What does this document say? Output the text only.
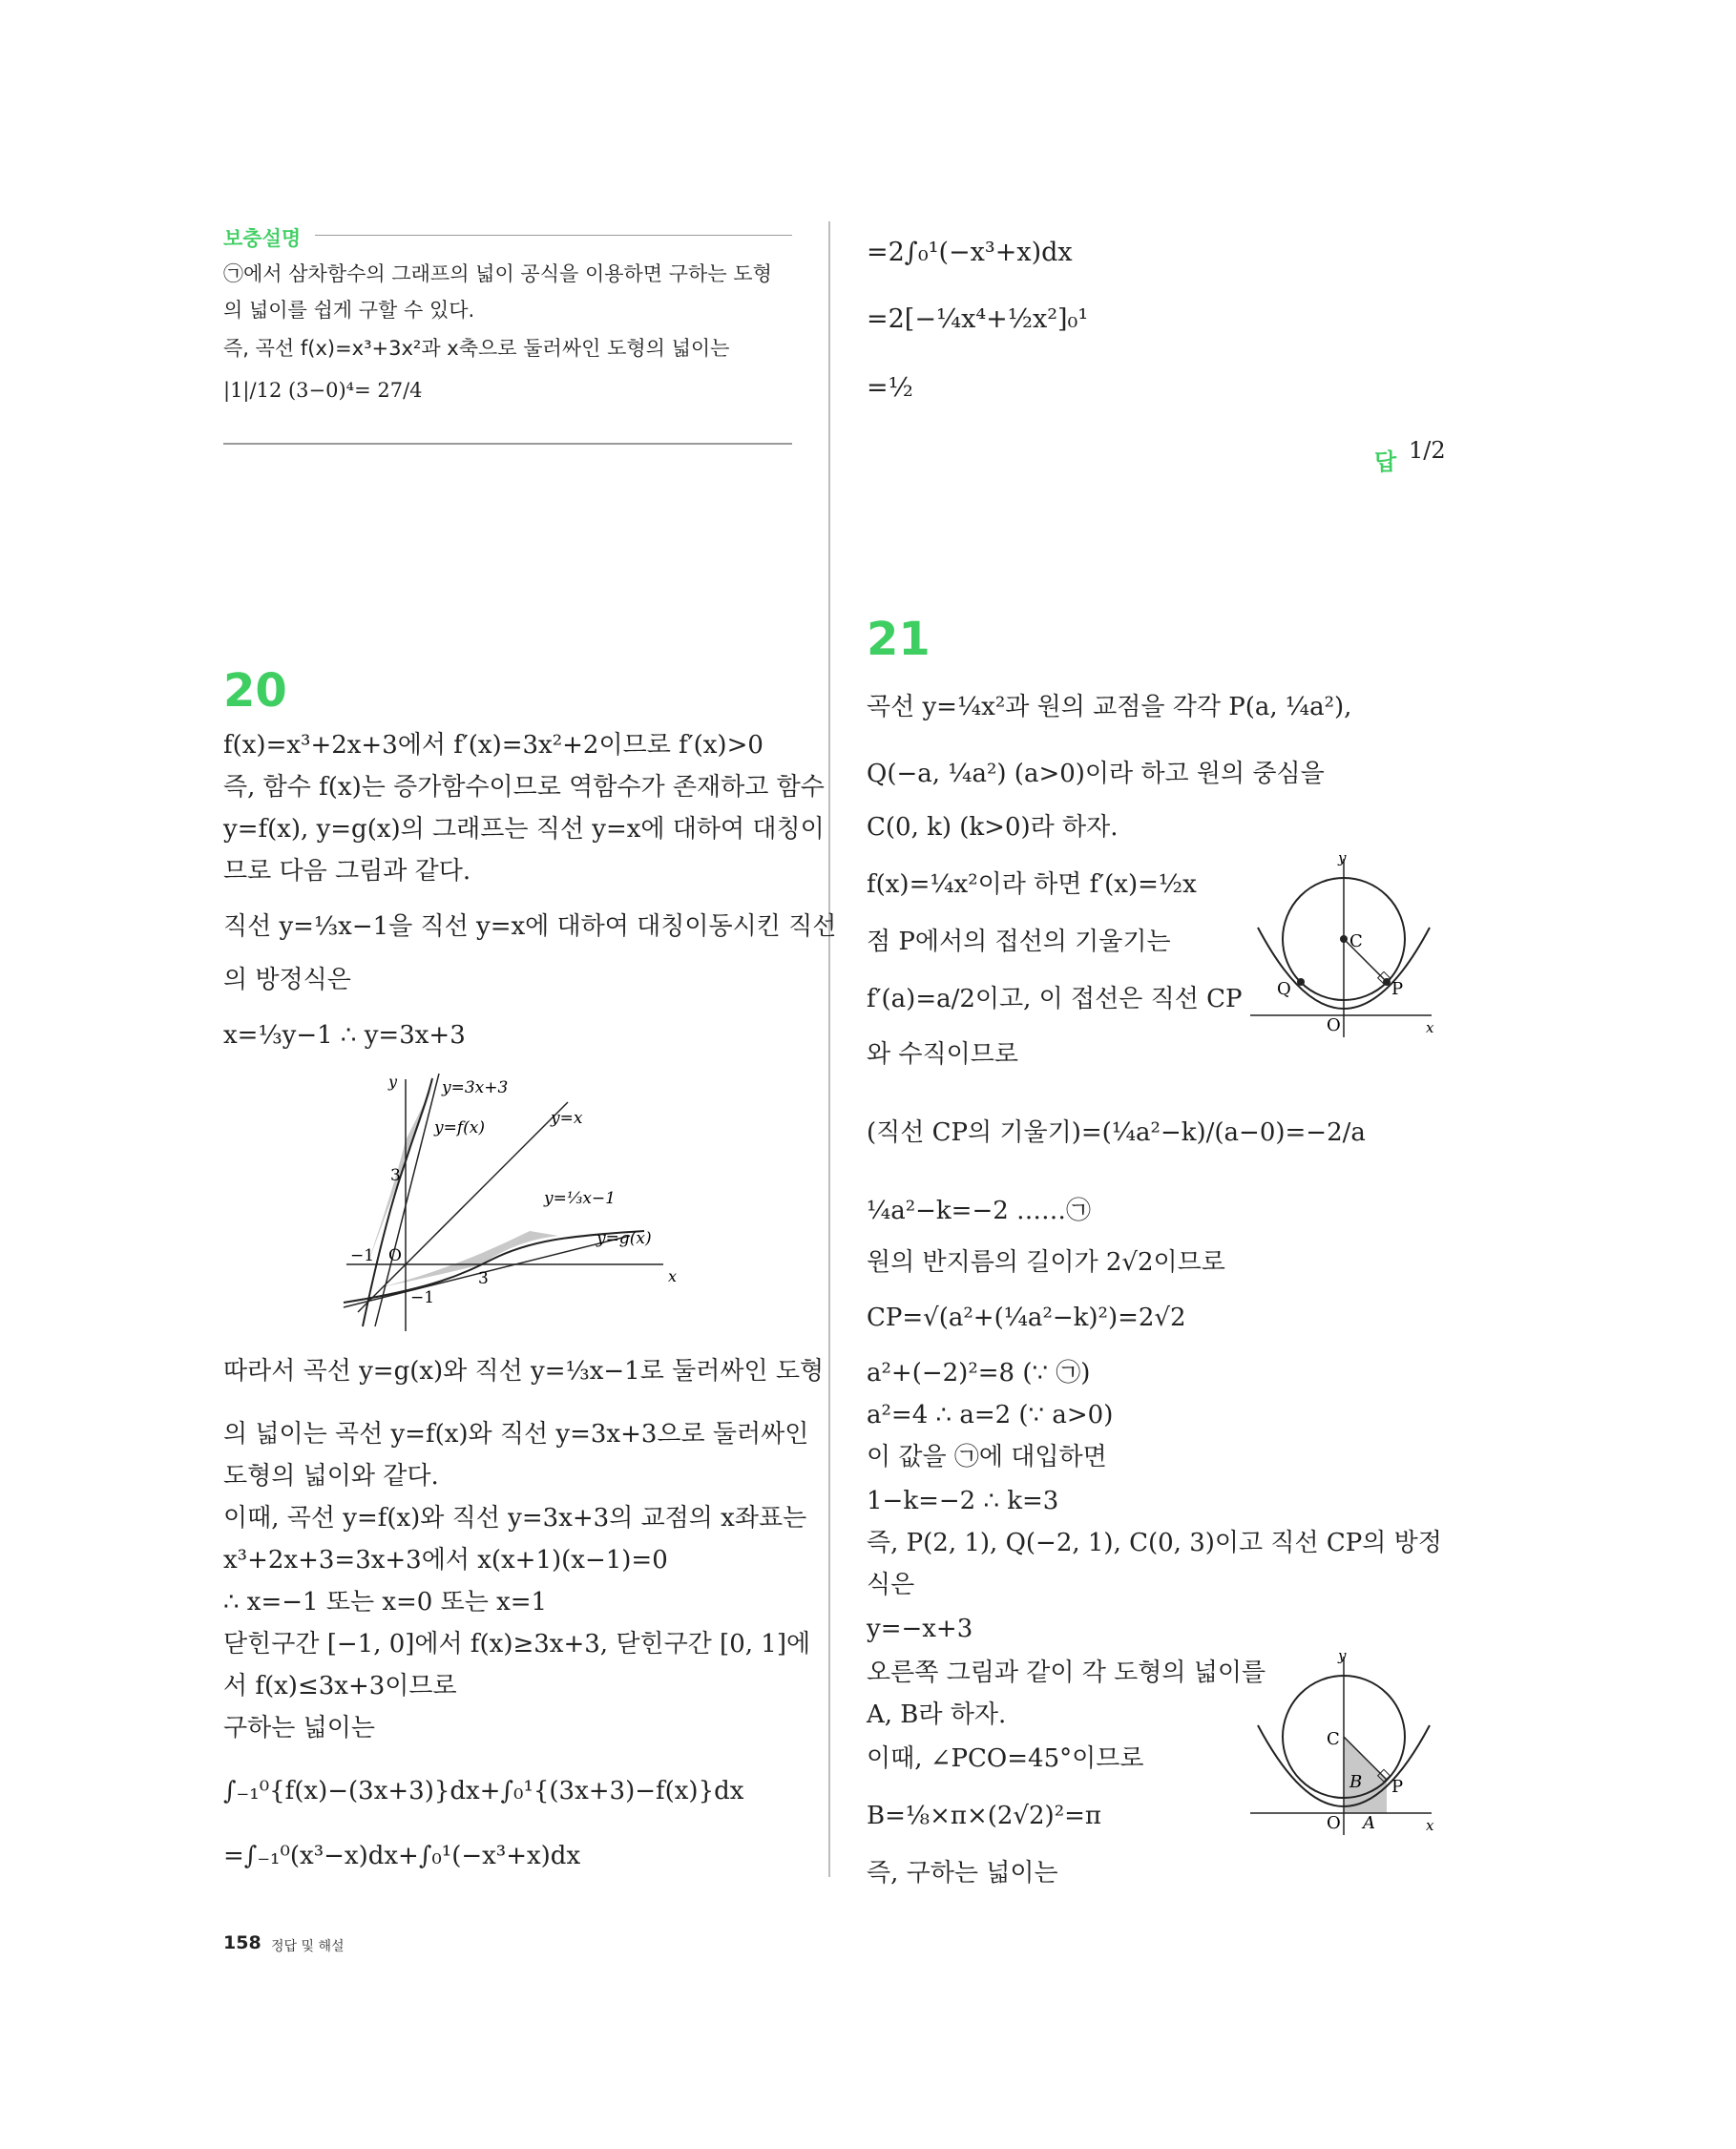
보충설명
㉠에서 삼차함수의 그래프의 넓이 공식을 이용하면 구하는 도형
의 넓이를 쉽게 구할 수 있다.
즉, 곡선 f(x)=x³+3x²과 x축으로 둘러싸인 도형의 넓이는
|1|/12 (3−0)⁴= 27/4
=2∫₀¹(−x³+x)dx
=2[−¼x⁴+½x²]₀¹
=½
답 1/2
20
f(x)=x³+2x+3에서 f′(x)=3x²+2이므로 f′(x)>0
즉, 함수 f(x)는 증가함수이므로 역함수가 존재하고 함수
y=f(x), y=g(x)의 그래프는 직선 y=x에 대하여 대칭이
므로 다음 그림과 같다.
직선 y=⅓x−1을 직선 y=x에 대하여 대칭이동시킨 직선
의 방정식은
x=⅓y−1 ∴ y=3x+3
따라서 곡선 y=g(x)와 직선 y=⅓x−1로 둘러싸인 도형
의 넓이는 곡선 y=f(x)와 직선 y=3x+3으로 둘러싸인
도형의 넓이와 같다.
이때, 곡선 y=f(x)와 직선 y=3x+3의 교점의 x좌표는
x³+2x+3=3x+3에서 x(x+1)(x−1)=0
∴ x=−1 또는 x=0 또는 x=1
닫힌구간 [−1, 0]에서 f(x)≥3x+3, 닫힌구간 [0, 1]에
서 f(x)≤3x+3이므로
구하는 넓이는
∫₋₁⁰{f(x)−(3x+3)}dx+∫₀¹{(3x+3)−f(x)}dx
=∫₋₁⁰(x³−x)dx+∫₀¹(−x³+x)dx
y
x
y=3x+3
y=f(x)	y=x
y=⅓x−1
y=g(x)
O
3
−1
3
−1
21
곡선 y=¼x²과 원의 교점을 각각 P(a, ¼a²),
Q(−a, ¼a²) (a>0)이라 하고 원의 중심을
C(0, k) (k>0)라 하자.
f(x)=¼x²이라 하면 f′(x)=½x
점 P에서의 접선의 기울기는
f′(a)=a/2이고, 이 접선은 직선 CP
와 수직이므로
(직선 CP의 기울기)=(¼a²−k)/(a−0)=−2/a
¼a²−k=−2 ……㉠
원의 반지름의 길이가 2√2이므로
CP=√(a²+(¼a²−k)²)=2√2
a²+(−2)²=8 (∵ ㉠)
a²=4 ∴ a=2 (∵ a>0)
이 값을 ㉠에 대입하면
1−k=−2 ∴ k=3
즉, P(2, 1), Q(−2, 1), C(0, 3)이고 직선 CP의 방정
식은
y=−x+3
오른쪽 그림과 같이 각 도형의 넓이를
A, B라 하자.
이때, ∠PCO=45°이므로
B=⅛×π×(2√2)²=π
즉, 구하는 넓이는
y
x
C
P
Q
O
y
x
C
P
B
A
O
158 정답 및 해설
